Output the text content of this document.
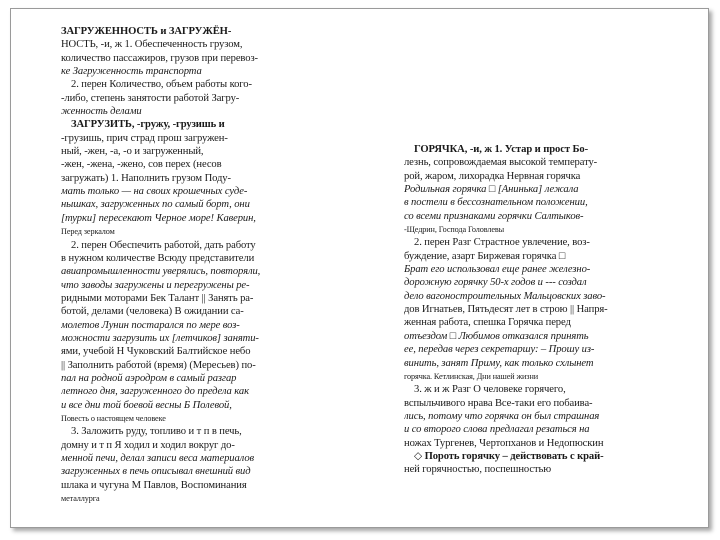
ЗАГРУЖЕННОСТЬ и ЗАГРУЖЁН-
НОСТЬ, -и, ж 1. Обеспеченность грузом,
количество пассажиров, грузов при перевоз-
ке Загруженность транспорта
2. перен Количество, объем работы кого-
-либо, степень занятости работой Загру-
женность делами
ЗАГРУЗИТЬ, -гружу, -грузишь и
-грузишь, прич страд прош загружен-
ный, -жен, -а, -о и загруженный,
-жен, -жена, -жено, сов перех (несов
загружать) 1. Наполнить грузом Поду-
мать только — на своих крошечных суде-
нышках, загруженных по самый борт, они
[турки] пересекают Черное море! Каверин,
Перед зеркалом
2. перен Обеспечить работой, дать работу
в нужном количестве Всюду представители
авиапромышленности уверялись, повторяли,
что заводы загружены и перегружены ре-
ридными моторами Бек Талант || Занять ра-
ботой, делами (человека) В ожидании са-
молетов Лунин постарался по мере воз-
можности загрузить их [летчиков] заняти-
ями, учебой Н Чуковский Балтийское небо
|| Заполнить работой (время) (Мересьев) по-
пал на родной аэродром в самый разгар
летного дня, загруженного до предела как
и все дни той боевой весны Б Полевой,
Повесть о настоящем человеке
3. Заложить руду, топливо и т п в печь,
домну и т п Я ходил и ходил вокруг до-
менной печи, делал записи веса материалов
загруженных в печь описывал внешний вид
шлака и чугуна М Павлов, Воспоминания
металлурга
ГОРЯЧКА, -и, ж 1. Устар и прост Бо-
лезнь, сопровождаемая высокой температу-
рой, жаром, лихорадка Нервная горячка
Родильная горячка □ [Анинька] лежала
в постели в бессознательном положении,
со всеми признаками горячки Салтыков-
-Щедрин, Господа Головлевы
2. перен Разг Страстное увлечение, воз-
буждение, азарт Биржевая горячка □
Брат его использовал еще ранее железно-
дорожную горячку 50-х годов и --- создал
дело вагоностроительных Мальцовских заво-
дов Игнатьев, Пятьдесят лет в строю || Напря-
женная работа, спешка Горячка перед
отъездом □ Любимов отказался принять
ее, передав через секретаршу: – Прошу из-
винить, занят Приму, как только схлынет
горячка. Кетлинская, Дни нашей жизни
3. ж и ж Разг О человеке горячего,
вспыльчивого нрава Все-таки его побаива-
лись, потому что горячка он был страшная
и со второго слова предлагал резаться на
ножах Тургенев, Чертопханов и Недопюскин
◇ Пороть горячку – действовать с край-
ней горячностью, поспешностью
